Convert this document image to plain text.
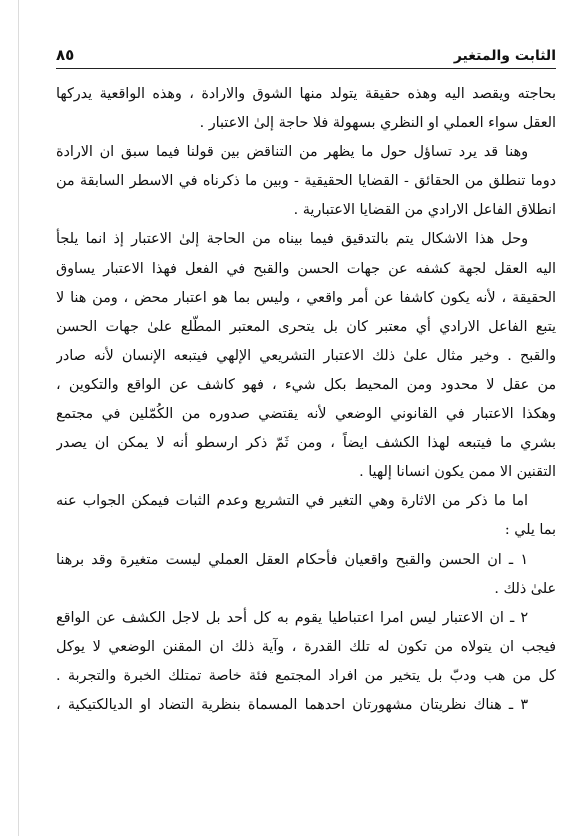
الثابت والمتغير
٨٥
بحاجته ويقصد اليه وهذه حقيقة يتولد منها الشوق والارادة ، وهذه الواقعية يدركها
العقل سواء العملي او النظري بسهولة فلا حاجة إلىٰ الاعتبار .
وهنا قد يرد تساؤل حول ما يظهر من التناقض بين قولنا فيما سبق ان الارادة
دوما تنطلق من الحقائق - القضايا الحقيقية - وبين ما ذكرناه في الاسطر السابقة من
انطلاق الفاعل الارادي من القضايا الاعتبارية .
وحل هذا الاشكال يتم بالتدقيق فيما بيناه من الحاجة إلىٰ الاعتبار إذ انما يلجأ
اليه العقل لجهة كشفه عن جهات الحسن والقبح في الفعل فهذا الاعتبار يساوق
الحقيقة ، لأنه يكون كاشفا عن أمر واقعي ، وليس بما هو اعتبار محض ، ومن هنا لا
يتبع الفاعل الارادي أي معتبر كان بل يتحرى المعتبر المطّلع علىٰ جهات الحسن
والقبح . وخير مثال علىٰ ذلك الاعتبار التشريعي الإلهي فيتبعه الإنسان لأنه صادر
من عقل لا محدود ومن المحيط بكل شيء ، فهو كاشف عن الواقع والتكوين ،
وهكذا الاعتبار في القانوني الوضعي لأنه يقتضي صدوره من الكُمّلين في مجتمع
بشري ما فيتبعه لهذا الكشف ايضاً ، ومن ثَمّ ذكر ارسطو أنه لا يمكن ان يصدر
التقنين الا ممن يكون انسانا إلهيا .
اما ما ذكر من الاثارة وهي التغير في التشريع وعدم الثبات فيمكن الجواب عنه
بما يلي :
١ ـ ان الحسن والقبح واقعيان فأحكام العقل العملي ليست متغيرة وقد برهنا
علىٰ ذلك .
٢ ـ ان الاعتبار ليس امرا اعتباطيا يقوم به كل أحد بل لاجل الكشف عن الواقع
فيجب ان يتولاه من تكون له تلك القدرة ، وآية ذلك ان المقنن الوضعي لا يوكل
كل من هب ودبّ بل يتخير من افراد المجتمع فئة خاصة تمتلك الخبرة والتجربة .
٣ ـ هناك نظريتان مشهورتان احدهما المسماة بنظرية التضاد او الديالكتيكية ،
